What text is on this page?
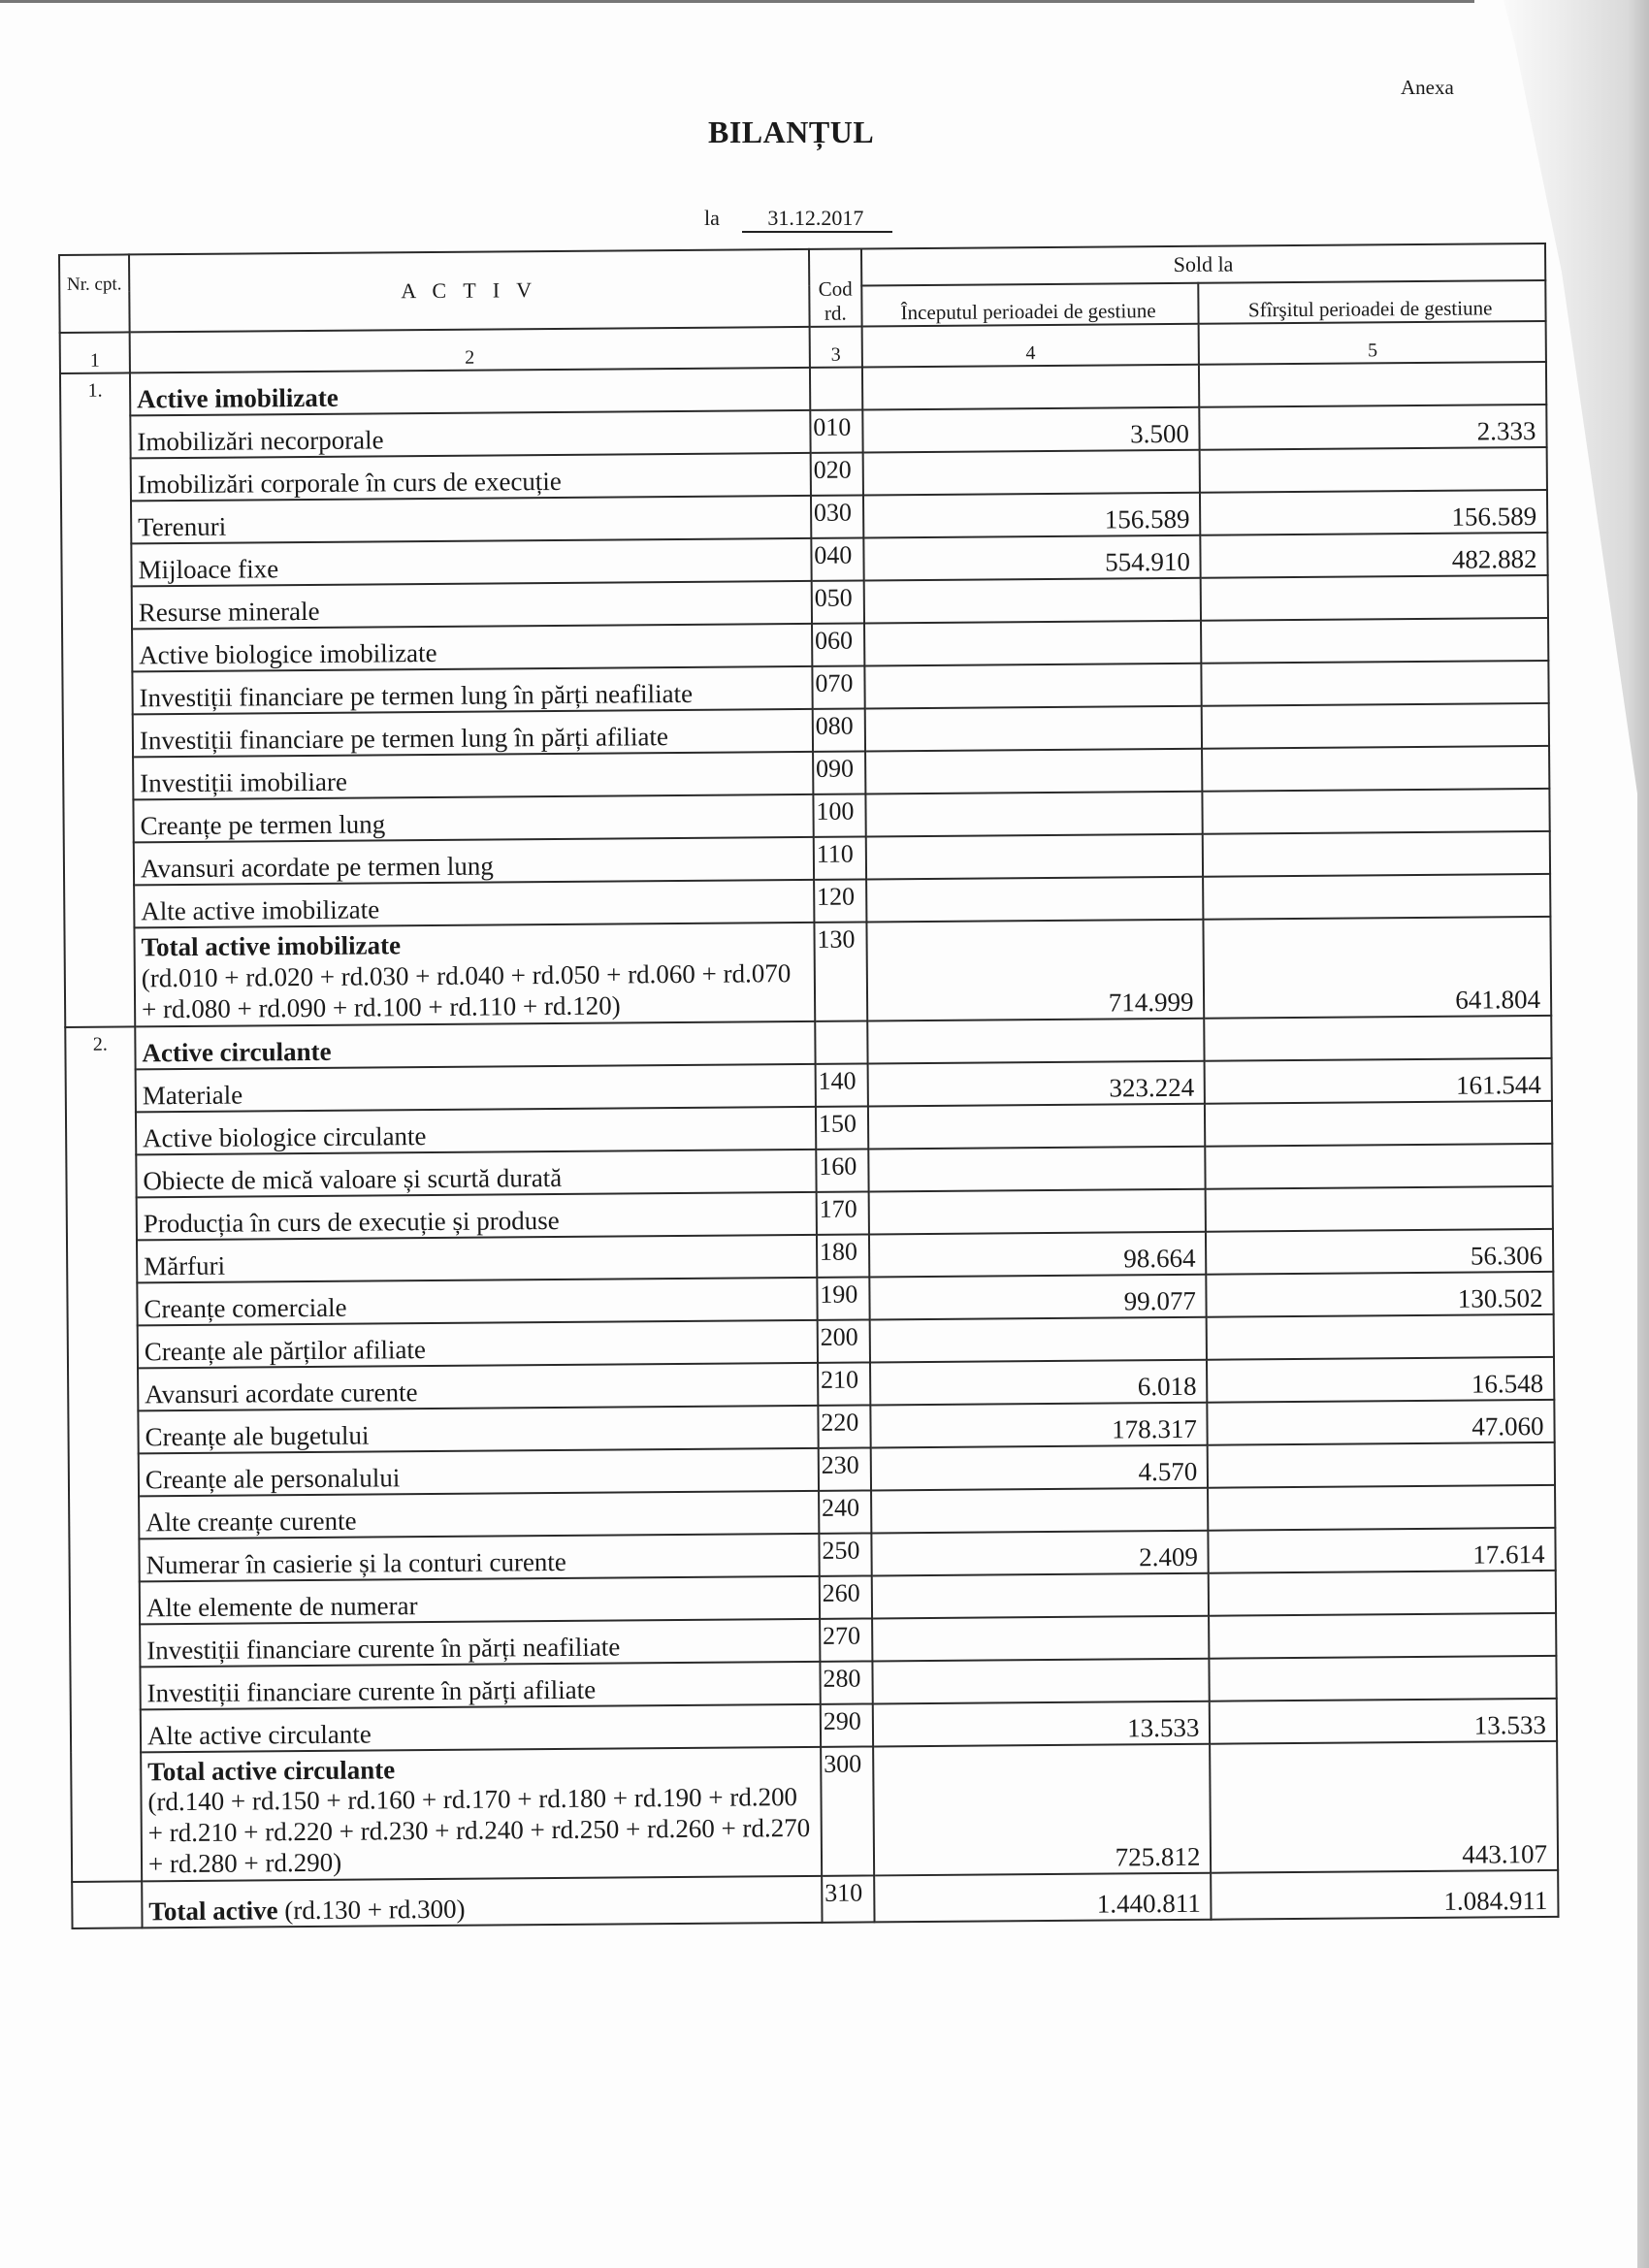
Anexa
BILANȚUL
la 31.12.2017
Nr. cpt.	A C T I V	Cod rd.	Sold la	
			Începutul perioadei de gestiune	Sfîrşitul perioadei de gestiune
1	2	3	4	5
1.	Active imobilizate			
	Imobilizări necorporale	010	3.500	2.333
	Imobilizări corporale în curs de execuție	020		
	Terenuri	030	156.589	156.589
	Mijloace fixe	040	554.910	482.882
	Resurse minerale	050		
	Active biologice imobilizate	060		
	Investiții financiare pe termen lung în părți neafiliate	070		
	Investiții financiare pe termen lung în părți afiliate	080		
	Investiții imobiliare	090		
	Creanțe pe termen lung	100		
	Avansuri acordate pe termen lung	110		
	Alte active imobilizate	120		

	Total active imobilizate
(rd.010 + rd.020 + rd.030 + rd.040 + rd.050 + rd.060 + rd.070 + rd.080 + rd.090 + rd.100 + rd.110 + rd.120)	130	714.999	641.804
2.	Active circulante			
	Materiale	140	323.224	161.544
	Active biologice circulante	150		
	Obiecte de mică valoare și scurtă durată	160		
	Producția în curs de execuție și produse	170		
	Mărfuri	180	98.664	56.306
	Creanțe comerciale	190	99.077	130.502
	Creanțe ale părților afiliate	200		
	Avansuri acordate curente	210	6.018	16.548
	Creanțe ale bugetului	220	178.317	47.060
	Creanțe ale personalului	230	4.570	
	Alte creanțe curente	240		
	Numerar în casierie și la conturi curente	250	2.409	17.614
	Alte elemente de numerar	260		
	Investiții financiare curente în părți neafiliate	270		
	Investiții financiare curente în părți afiliate	280		
	Alte active circulante	290	13.533	13.533

	Total active circulante
(rd.140 + rd.150 + rd.160 + rd.170 + rd.180 + rd.190 + rd.200 + rd.210 + rd.220 + rd.230 + rd.240 + rd.250 + rd.260 + rd.270 + rd.280 + rd.290)	300	725.812	443.107
	Total active (rd.130 + rd.300)	310	1.440.811	1.084.911
